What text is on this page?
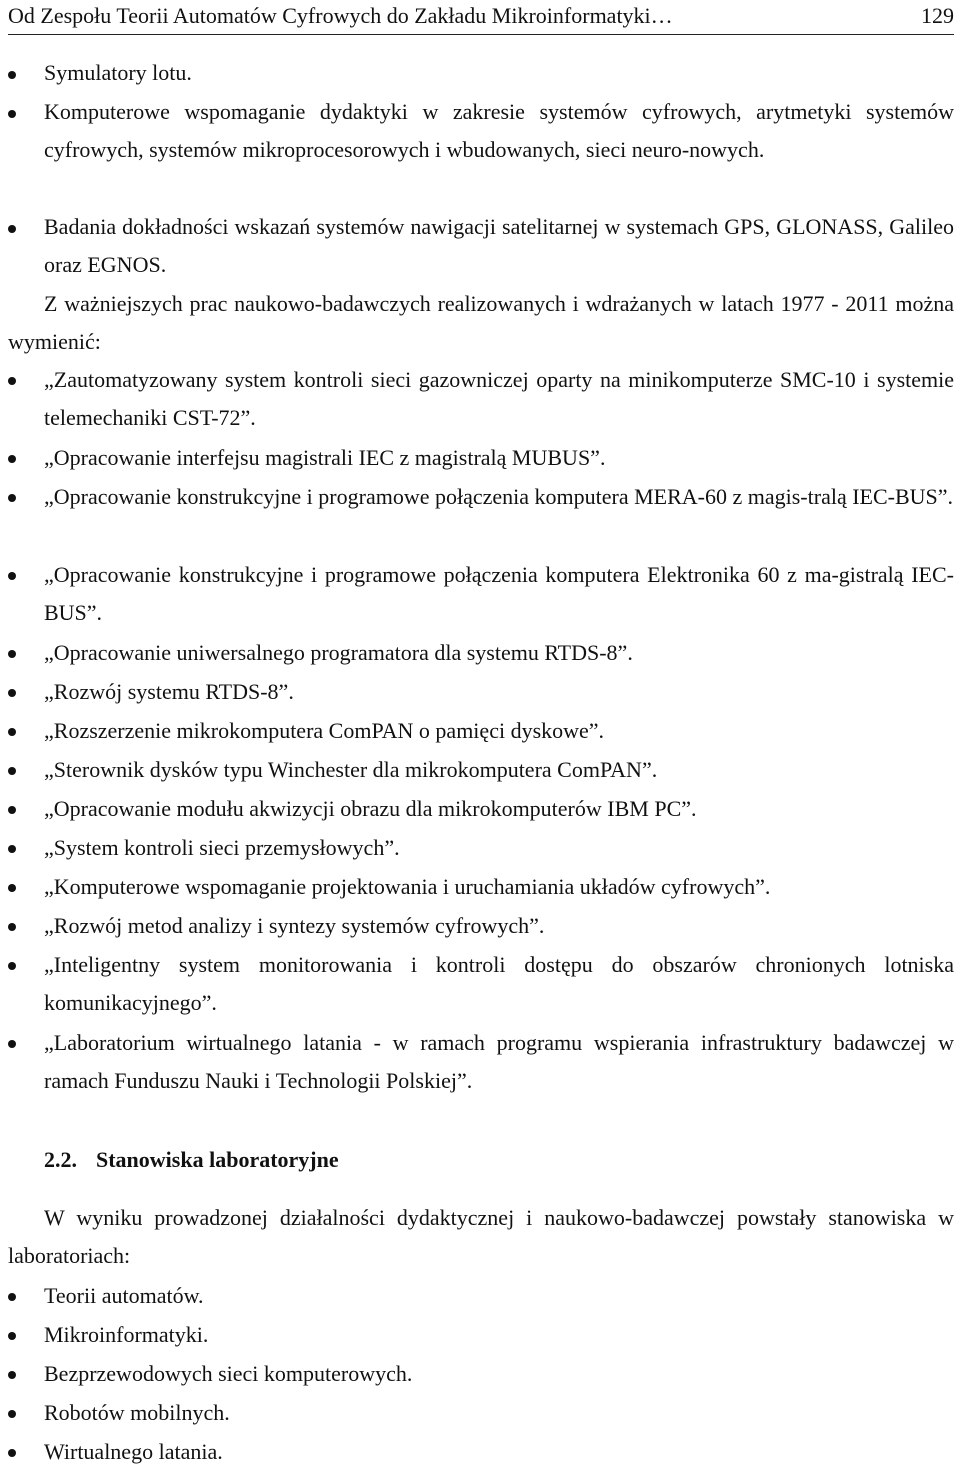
Od Zespołu Teorii Automatów Cyfrowych do Zakładu Mikroinformatyki…	129
Symulatory lotu.
Komputerowe wspomaganie dydaktyki w zakresie systemów cyfrowych, arytmetyki systemów cyfrowych, systemów mikroprocesorowych i wbudowanych, sieci neuro-nowych.
Badania dokładności wskazań systemów nawigacji satelitarnej w systemach GPS, GLONASS, Galileo oraz EGNOS.
Z ważniejszych prac naukowo-badawczych realizowanych i wdrażanych w latach 1977 - 2011 można wymienić:
„Zautomatyzowany system kontroli sieci gazowniczej oparty na minikomputerze SMC-10 i systemie telemechaniki CST-72”.
„Opracowanie interfejsu magistrali IEC z magistralą MUBUS”.
„Opracowanie konstrukcyjne i programowe połączenia komputera MERA-60 z magis-tralą IEC-BUS”.
„Opracowanie konstrukcyjne i programowe połączenia komputera Elektronika 60 z ma-gistralą IEC-BUS”.
„Opracowanie uniwersalnego programatora dla systemu RTDS-8”.
„Rozwój systemu RTDS-8”.
„Rozszerzenie mikrokomputera ComPAN o pamięci dyskowe”.
„Sterownik dysków typu Winchester dla mikrokomputera ComPAN”.
„Opracowanie modułu akwizycji obrazu dla mikrokomputerów IBM PC”.
„System kontroli sieci przemysłowych”.
„Komputerowe wspomaganie projektowania i uruchamiania układów cyfrowych”.
„Rozwój metod analizy i syntezy systemów cyfrowych”.
„Inteligentny system monitorowania i kontroli dostępu do obszarów chronionych lotniska komunikacyjnego”.
„Laboratorium wirtualnego latania - w ramach programu wspierania infrastruktury badawczej w ramach Funduszu Nauki i Technologii Polskiej”.
2.2. Stanowiska laboratoryjne
W wyniku prowadzonej działalności dydaktycznej i naukowo-badawczej powstały stanowiska w laboratoriach:
Teorii automatów.
Mikroinformatyki.
Bezprzewodowych sieci komputerowych.
Robotów mobilnych.
Wirtualnego latania.
